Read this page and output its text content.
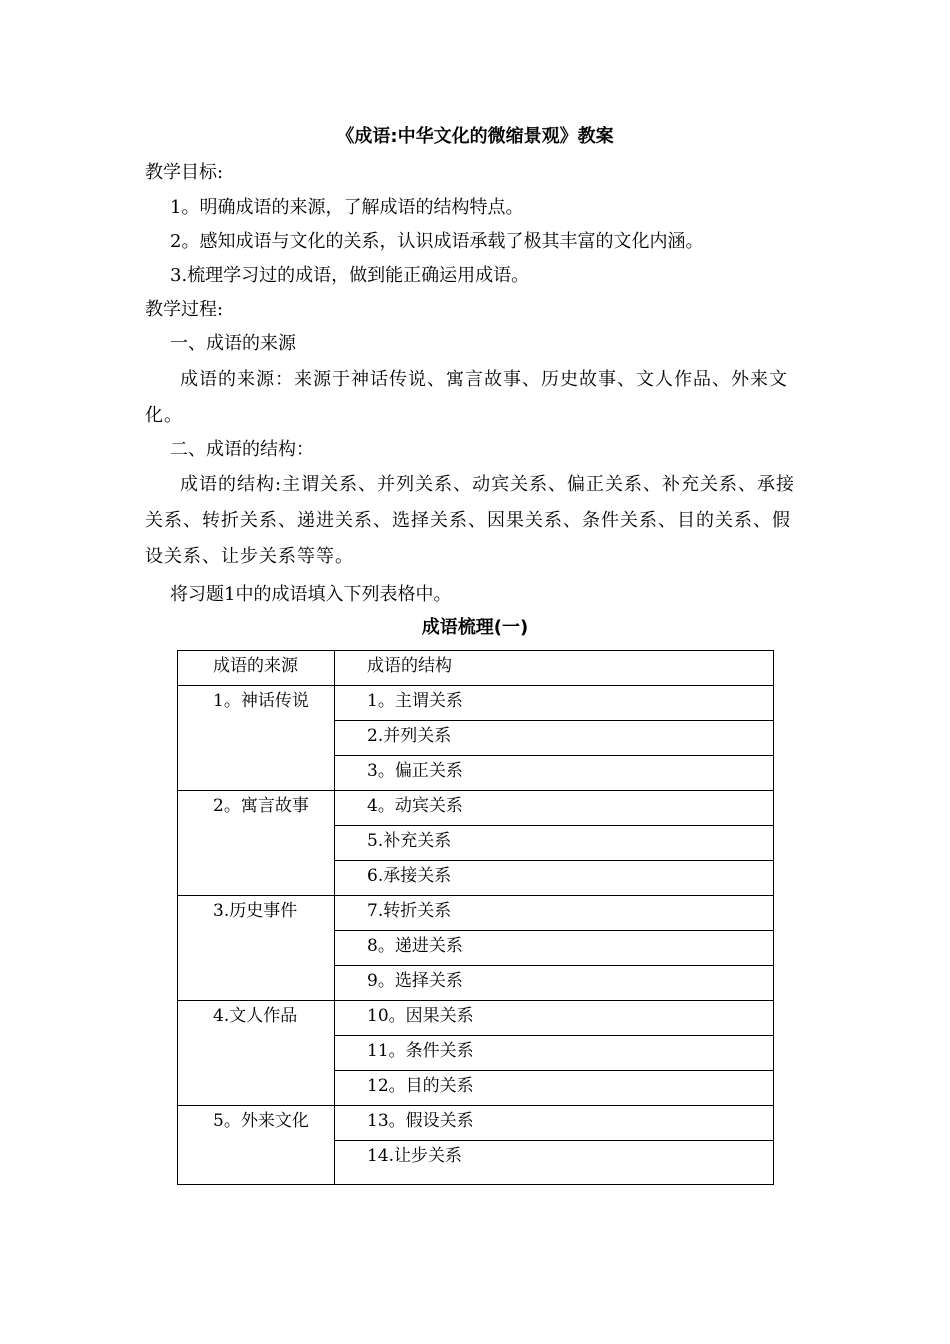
《成语:中华文化的微缩景观》教案
教学目标:
1。明确成语的来源，了解成语的结构特点。
2。感知成语与文化的关系，认识成语承载了极其丰富的文化内涵。
3.梳理学习过的成语，做到能正确运用成语。
教学过程:
一、成语的来源
成语的来源：来源于神话传说、寓言故事、历史故事、文人作品、外来文化。
二、成语的结构：
成语的结构:主谓关系、并列关系、动宾关系、偏正关系、补充关系、承接关系、转折关系、递进关系、选择关系、因果关系、条件关系、目的关系、假设关系、让步关系等等。
将习题1中的成语填入下列表格中。
成语梳理(一)
成语的来源	成语的结构
1。神话传说	1。主谓关系
	2.并列关系
	3。偏正关系
2。寓言故事	4。动宾关系
	5.补充关系
	6.承接关系
3.历史事件	7.转折关系
	8。递进关系
	9。选择关系
4.文人作品	10。因果关系
	11。条件关系
	12。目的关系
5。外来文化	13。假设关系
	14.让步关系
